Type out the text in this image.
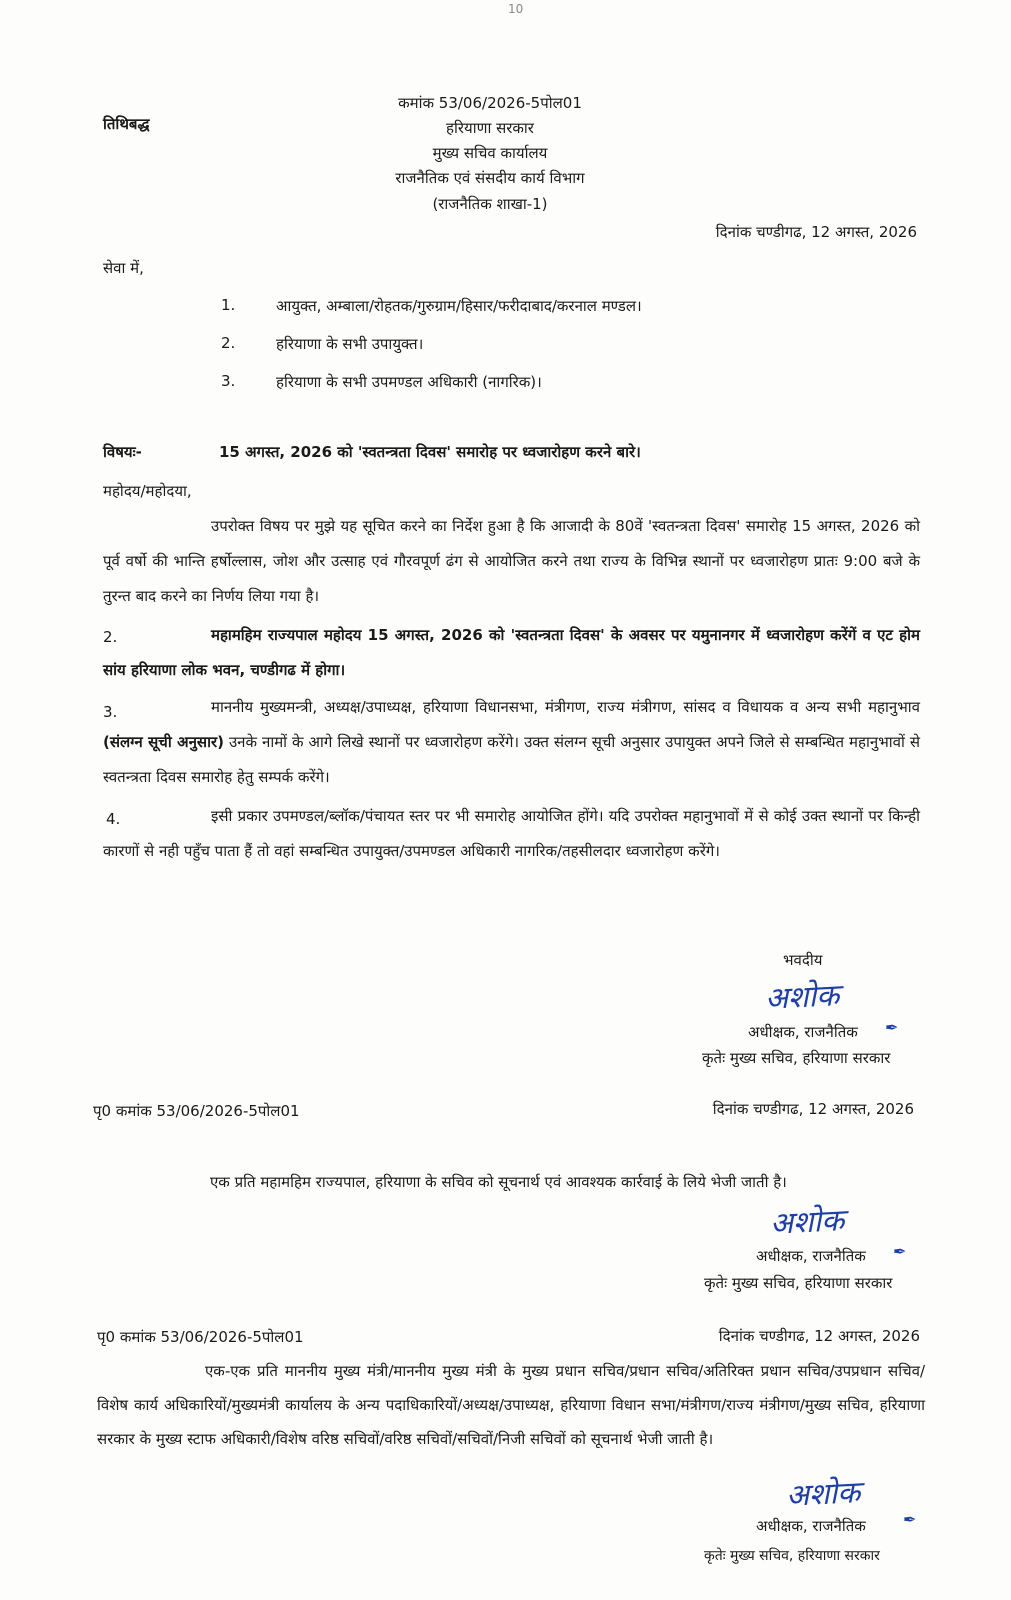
10
तिथिबद्ध
कमांक 53/06/2026-5पोल01
हरियाणा सरकार
मुख्य सचिव कार्यालय
राजनैतिक एवं संसदीय कार्य विभाग
(राजनैतिक शाखा-1)
दिनांक चण्डीगढ, 12 अगस्त, 2026
सेवा में,
1.	आयुक्त, अम्बाला/रोहतक/गुरुग्राम/हिसार/फरीदाबाद/करनाल मण्डल।
2.	हरियाणा के सभी उपायुक्त।
3.	हरियाणा के सभी उपमण्डल अधिकारी (नागरिक)।
विषयः-	15 अगस्त, 2026 को 'स्वतन्त्रता दिवस' समारोह पर ध्वजारोहण करने बारे।
महोदय/महोदया,
उपरोक्त विषय पर मुझे यह सूचित करने का निर्देश हुआ है कि आजादी के 80वें 'स्वतन्त्रता दिवस' समारोह 15 अगस्त, 2026 को पूर्व वर्षो की भान्ति हर्षोल्लास, जोश और उत्साह एवं गौरवपूर्ण ढंग से आयोजित करने तथा राज्य के विभिन्न स्थानों पर ध्वजारोहण प्रातः 9:00 बजे के तुरन्त बाद करने का निर्णय लिया गया है।
2.	महामहिम राज्यपाल महोदय 15 अगस्त, 2026 को 'स्वतन्त्रता दिवस' के अवसर पर यमुनानगर में ध्वजारोहण करेंगें व एट होम सांय हरियाणा लोक भवन, चण्डीगढ में होगा।
3.	माननीय मुख्यमन्त्री, अध्यक्ष/उपाध्यक्ष, हरियाणा विधानसभा, मंत्रीगण, राज्य मंत्रीगण, सांसद व विधायक व अन्य सभी महानुभाव (संलग्न सूची अनुसार) उनके नामों के आगे लिखे स्थानों पर ध्वजारोहण करेंगे। उक्त संलग्न सूची अनुसार उपायुक्त अपने जिले से सम्बन्धित महानुभावों से स्वतन्त्रता दिवस समारोह हेतु सम्पर्क करेंगे।
4.	इसी प्रकार उपमण्डल/ब्लॉक/पंचायत स्तर पर भी समारोह आयोजित होंगे। यदि उपरोक्त महानुभावों में से कोई उक्त स्थानों पर किन्ही कारणों से नही पहुँच पाता हैं तो वहां सम्बन्धित उपायुक्त/उपमण्डल अधिकारी नागरिक/तहसीलदार ध्वजारोहण करेंगे।
भवदीय
अशोक
अधीक्षक, राजनैतिक ✒
कृतेः मुख्य सचिव, हरियाणा सरकार
पृ0 कमांक 53/06/2026-5पोल01	दिनांक चण्डीगढ, 12 अगस्त, 2026
एक प्रति महामहिम राज्यपाल, हरियाणा के सचिव को सूचनार्थ एवं आवश्यक कार्रवाई के लिये भेजी जाती है।
अशोक
अधीक्षक, राजनैतिक ✒
कृतेः मुख्य सचिव, हरियाणा सरकार
पृ0 कमांक 53/06/2026-5पोल01	दिनांक चण्डीगढ, 12 अगस्त, 2026
एक-एक प्रति माननीय मुख्य मंत्री/माननीय मुख्य मंत्री के मुख्य प्रधान सचिव/प्रधान सचिव/अतिरिक्त प्रधान सचिव/उपप्रधान सचिव/विशेष कार्य अधिकारियों/मुख्यमंत्री कार्यालय के अन्य पदाधिकारियों/अध्यक्ष/उपाध्यक्ष, हरियाणा विधान सभा/मंत्रीगण/राज्य मंत्रीगण/मुख्य सचिव, हरियाणा सरकार के मुख्य स्टाफ अधिकारी/विशेष वरिष्ठ सचिवों/वरिष्ठ सचिवों/सचिवों/निजी सचिवों को सूचनार्थ भेजी जाती है।
अशोक
अधीक्षक, राजनैतिक ✒
कृतेः मुख्य सचिव, हरियाणा सरकार
